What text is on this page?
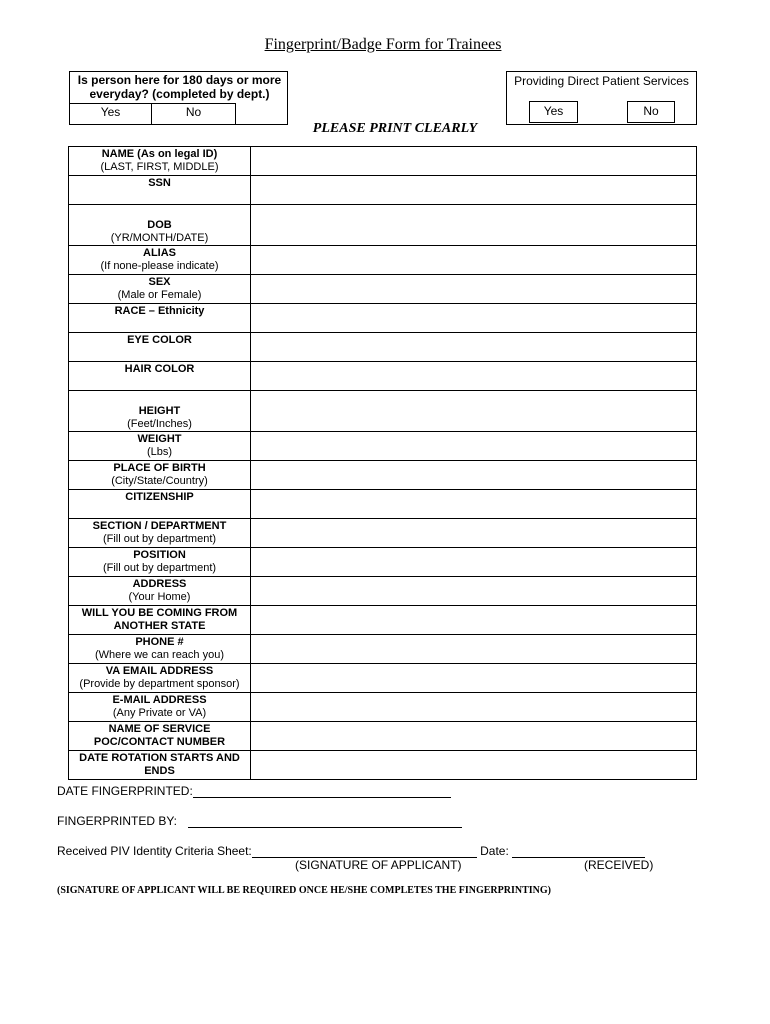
Fingerprint/Badge Form for Trainees
Is person here for 180 days or more everyday? (completed by dept.)
Yes	No
Providing Direct Patient Services
Yes	No
PLEASE PRINT CLEARLY
NAME (As on legal ID)
(LAST, FIRST, MIDDLE)	

SSN	

DOB
(YR/MONTH/DATE)	

ALIAS
(If none-please indicate)	

SEX
(Male or Female)	

RACE – Ethnicity	

EYE COLOR	

HAIR COLOR	

HEIGHT
(Feet/Inches)	

WEIGHT
(Lbs)	

PLACE OF BIRTH
(City/State/Country)	

CITIZENSHIP	

SECTION / DEPARTMENT
(Fill out by department)	

POSITION
(Fill out by department)	

ADDRESS
(Your Home)	

WILL YOU BE COMING FROM ANOTHER STATE	

PHONE #
(Where we can reach you)	

VA EMAIL ADDRESS
(Provide by department sponsor)	

E-MAIL ADDRESS
(Any Private or VA)	

NAME OF SERVICE POC/CONTACT NUMBER	

DATE ROTATION STARTS AND ENDS	

DATE FINGERPRINTED:
FINGERPRINTED BY:
Received PIV Identity Criteria Sheet:	Date:
(SIGNATURE OF APPLICANT)	(RECEIVED)
(SIGNATURE OF APPLICANT WILL BE REQUIRED ONCE HE/SHE COMPLETES THE FINGERPRINTING)
